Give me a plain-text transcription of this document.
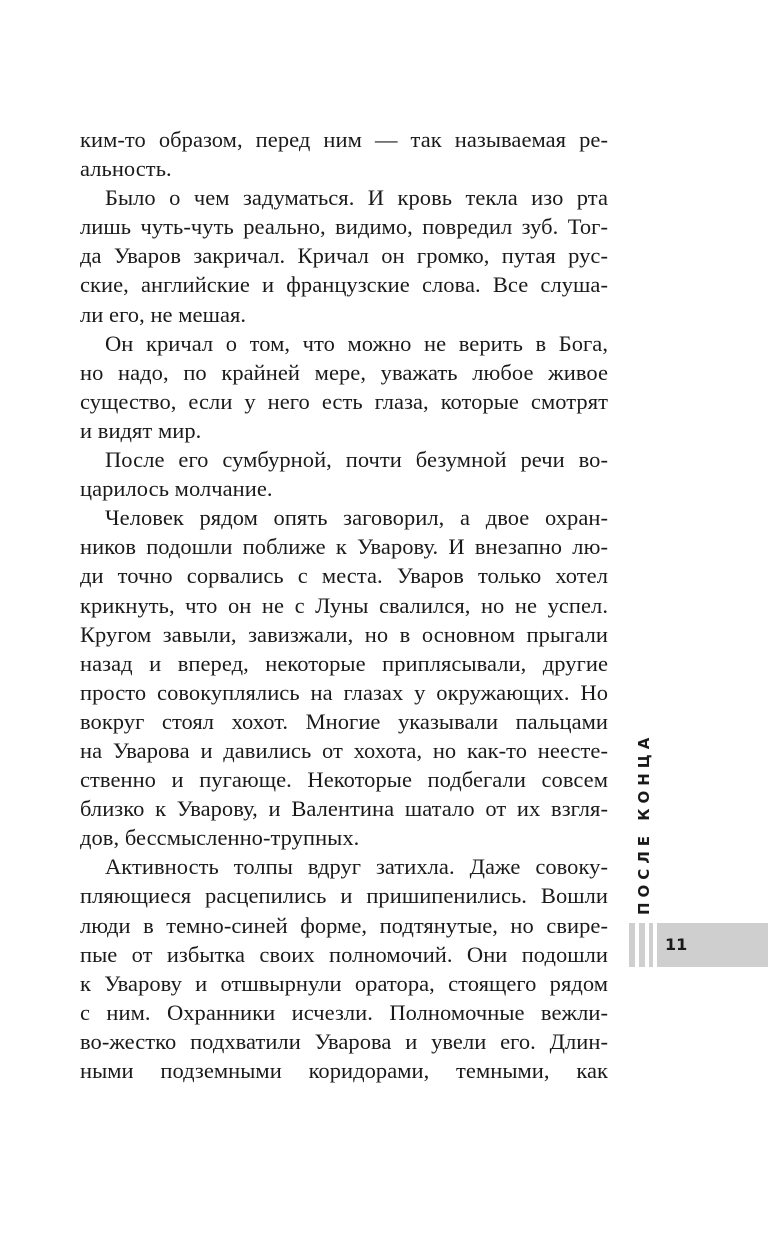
ким-то образом, перед ним — так называемая ре-
альность.
Было о чем задуматься. И кровь текла изо рта
лишь чуть-чуть реально, видимо, повредил зуб. Тог-
да Уваров закричал. Кричал он громко, путая рус-
ские, английские и французские слова. Все слуша-
ли его, не мешая.
Он кричал о том, что можно не верить в Бога,
но надо, по крайней мере, уважать любое живое
существо, если у него есть глаза, которые смотрят
и видят мир.
После его сумбурной, почти безумной речи во-
царилось молчание.
Человек рядом опять заговорил, а двое охран-
ников подошли поближе к Уварову. И внезапно лю-
ди точно сорвались с места. Уваров только хотел
крикнуть, что он не с Луны свалился, но не успел.
Кругом завыли, завизжали, но в основном прыгали
назад и вперед, некоторые приплясывали, другие
просто совокуплялись на глазах у окружающих. Но
вокруг стоял хохот. Многие указывали пальцами
на Уварова и давились от хохота, но как-то неесте-
ственно и пугающе. Некоторые подбегали совсем
близко к Уварову, и Валентина шатало от их взгля-
дов, бессмысленно-трупных.
Активность толпы вдруг затихла. Даже совоку-
пляющиеся расцепились и пришипенились. Вошли
люди в темно-синей форме, подтянутые, но свире-
пые от избытка своих полномочий. Они подошли
к Уварову и отшвырнули оратора, стоящего рядом
с ним. Охранники исчезли. Полномочные вежли-
во-жестко подхватили Уварова и увели его. Длин-
ными подземными коридорами, темными, как
ПОСЛЕ КОНЦА
11
